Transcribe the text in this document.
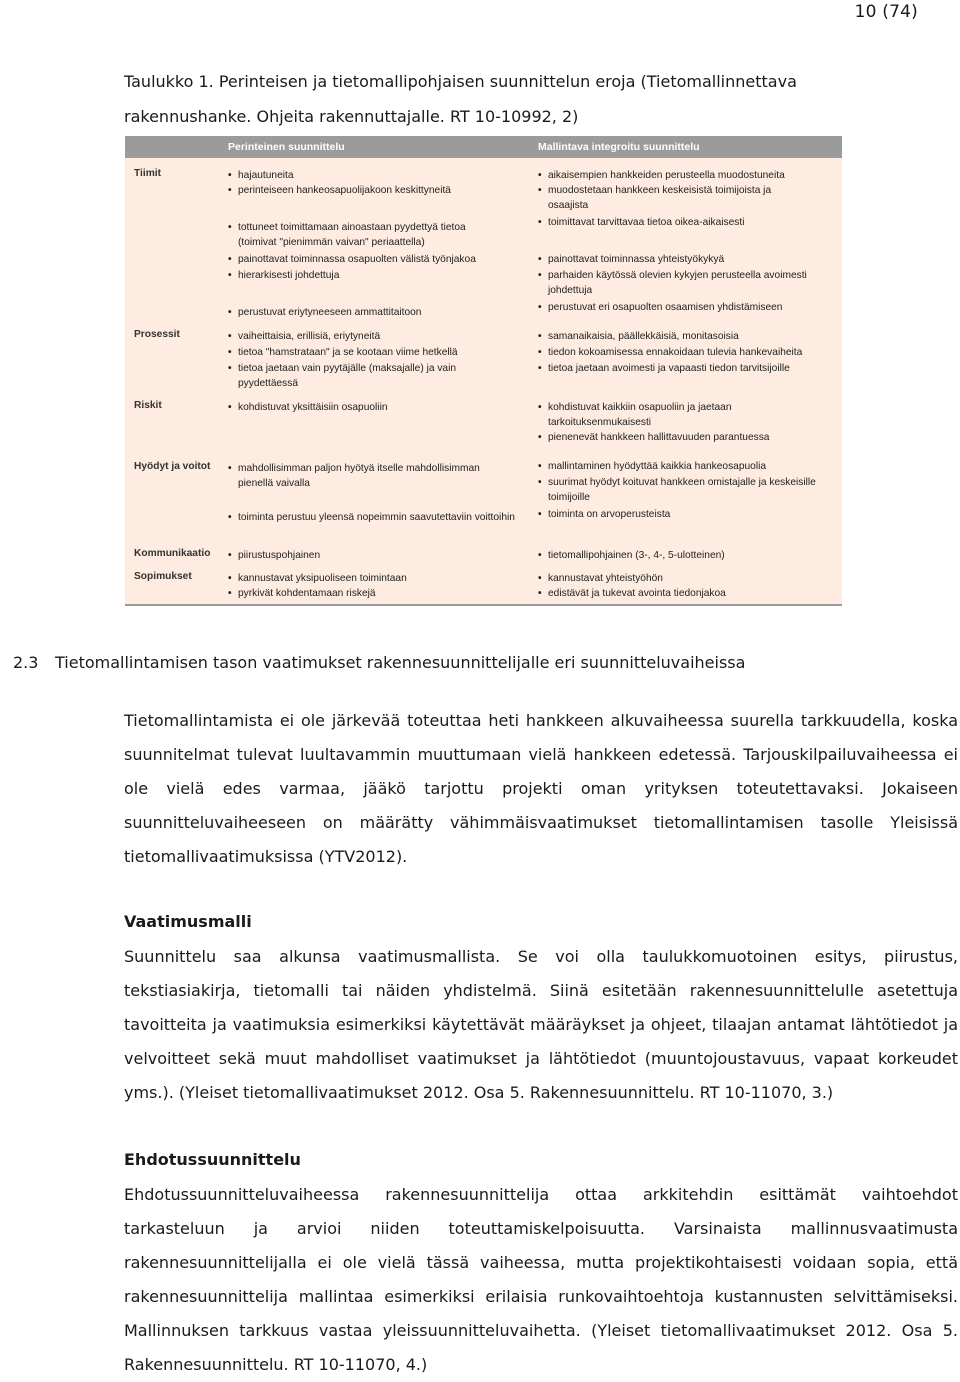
10 (74)
Taulukko 1. Perinteisen ja tietomallipohjaisen suunnittelun eroja (Tietomallinnettava rakennushanke. Ohjeita rakennuttajalle. RT 10-10992, 2)
Perinteinen suunnittelu	Mallintava integroitu suunnittelu
Tiimit
Prosessit
Riskit
Hyödyt ja voitot
Kommunikaatio
Sopimukset
• hajautuneita
• perinteiseen hankeosapuolijakoon keskittyneitä
• tottuneet toimittamaan ainoastaan pyydettyä tietoa (toimivat "pienimmän vaivan" periaattella)
• painottavat toiminnassa osapuolten välistä työnjakoa
• hierarkisesti johdettuja
• perustuvat eriytyneeseen ammattitaitoon
• vaiheittaisia, erillisiä, eriytyneitä
• tietoa "hamstrataan" ja se kootaan viime hetkellä
• tietoa jaetaan vain pyytäjälle (maksajalle) ja vain pyydettäessä
• kohdistuvat yksittäisiin osapuoliin
• mahdollisimman paljon hyötyä itselle mahdollisimman pienellä vaivalla
• toiminta perustuu yleensä nopeimmin saavutettaviin voittoihin
• piirustuspohjainen
• kannustavat yksipuoliseen toimintaan
• pyrkivät kohdentamaan riskejä
• aikaisempien hankkeiden perusteella muodostuneita
• muodostetaan hankkeen keskeisistä toimijoista ja osaajista
• toimittavat tarvittavaa tietoa oikea-aikaisesti
• painottavat toiminnassa yhteistyökykyä
• parhaiden käytössä olevien kykyjen perusteella avoimesti johdettuja
• perustuvat eri osapuolten osaamisen yhdistämiseen
• samanaikaisia, päällekkäisiä, monitasoisia
• tiedon kokoamisessa ennakoidaan tulevia hankevaiheita
• tietoa jaetaan avoimesti ja vapaasti tiedon tarvitsijoille
• kohdistuvat kaikkiin osapuoliin ja jaetaan tarkoituksenmukaisesti
• pienenevät hankkeen hallittavuuden parantuessa
• mallintaminen hyödyttää kaikkia hankeosapuolia
• suurimat hyödyt koituvat hankkeen omistajalle ja keskeisille toimijoille
• toiminta on arvoperusteista
• tietomallipohjainen (3-, 4-, 5-ulotteinen)
• kannustavat yhteistyöhön
• edistävät ja tukevat avointa tiedonjakoa
2.3 Tietomallintamisen tason vaatimukset rakennesuunnittelijalle eri suunnitteluvaiheissa
Tietomallintamista ei ole järkevää toteuttaa heti hankkeen alkuvaiheessa suurella tarkkuudella, koska suunnitelmat tulevat luultavammin muuttumaan vielä hankkeen edetessä. Tarjouskilpailuvaiheessa ei ole vielä edes varmaa, jääkö tarjottu projekti oman yrityksen toteutettavaksi. Jokaiseen suunnitteluvaiheeseen on määrätty vähimmäisvaatimukset tietomallintamisen tasolle Yleisissä tietomallivaatimuksissa (YTV2012).
Vaatimusmalli
Suunnittelu saa alkunsa vaatimusmallista. Se voi olla taulukkomuotoinen esitys, piirustus, tekstiasiakirja, tietomalli tai näiden yhdistelmä. Siinä esitetään rakennesuunnittelulle asetettuja tavoitteita ja vaatimuksia esimerkiksi käytettävät määräykset ja ohjeet, tilaajan antamat lähtötiedot ja velvoitteet sekä muut mahdolliset vaatimukset ja lähtötiedot (muuntojoustavuus, vapaat korkeudet yms.). (Yleiset tietomallivaatimukset 2012. Osa 5. Rakennesuunnittelu. RT 10-11070, 3.)
Ehdotussuunnittelu
Ehdotussuunnitteluvaiheessa rakennesuunnittelija ottaa arkkitehdin esittämät vaihtoehdot tarkasteluun ja arvioi niiden toteuttamiskelpoisuutta. Varsinaista mallinnusvaatimusta rakennesuunnittelijalla ei ole vielä tässä vaiheessa, mutta projektikohtaisesti voidaan sopia, että rakennesuunnittelija mallintaa esimerkiksi erilaisia runkovaihtoehtoja kustannusten selvittämiseksi. Mallinnuksen tarkkuus vastaa yleissuunnitteluvaihetta. (Yleiset tietomallivaatimukset 2012. Osa 5. Rakennesuunnittelu. RT 10-11070, 4.)
